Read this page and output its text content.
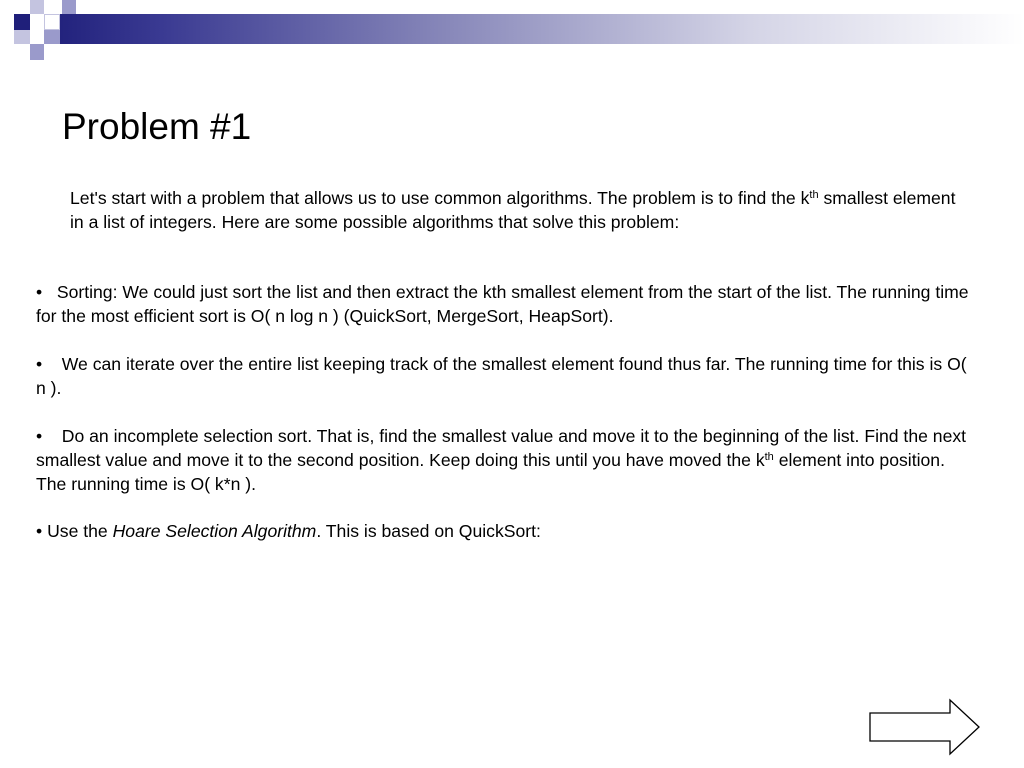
Problem #1

Let's start with a problem that allows us to use common algorithms. The problem is to find the $k^{th}$ smallest element in a list of integers. Here are some possible algorithms that solve this problem:

• Sorting: We could just sort the list and then extract the kth smallest element from the start of the list. The running time for the most efficient sort is O( n log n ) (QuickSort, MergeSort, HeapSort).

• We can iterate over the entire list keeping track of the smallest element found thus far. The running time for this is O( n ).

• Do an incomplete selection sort. That is, find the smallest value and move it to the beginning of the list. Find the next smallest value and move it to the second position. Keep doing this until you have moved the $k^{th}$ element into position. The running time is O( k*n ).

• Use the Hoare Selection Algorithm. This is based on QuickSort:
